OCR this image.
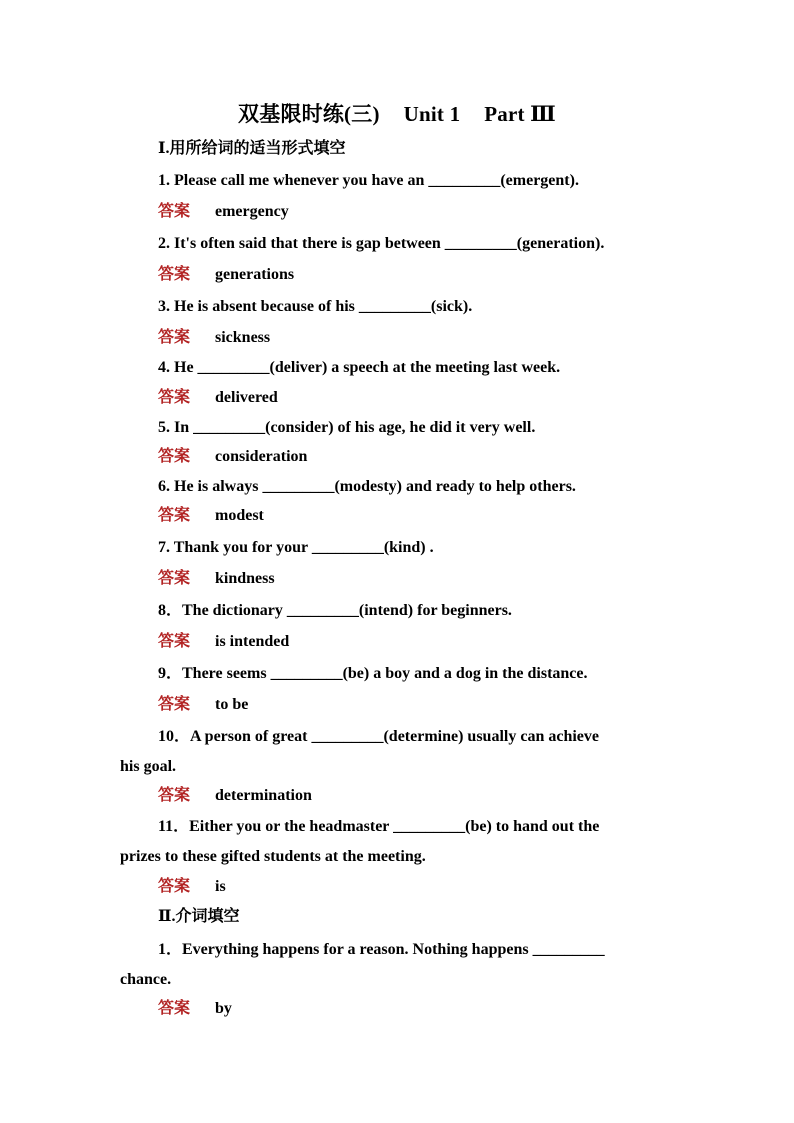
双基限时练(三) Unit 1 Part Ⅲ
Ⅰ.用所给词的适当形式填空
1. Please call me whenever you have an _________(emergent).
答案 emergency
2. It's often said that there is gap between _________(generation).
答案 generations
3. He is absent because of his _________(sick).
答案 sickness
4. He _________(deliver) a speech at the meeting last week.
答案 delivered
5. In _________(consider) of his age, he did it very well.
答案 consideration
6. He is always _________(modesty) and ready to help others.
答案 modest
7. Thank you for your _________(kind) .
答案 kindness
8．The dictionary _________(intend) for beginners.
答案 is intended
9．There seems _________(be) a boy and a dog in the distance.
答案 to be
10．A person of great _________(determine) usually can achieve
his goal.
答案 determination
11．Either you or the headmaster _________(be) to hand out the
prizes to these gifted students at the meeting.
答案 is
Ⅱ.介词填空
1．Everything happens for a reason. Nothing happens _________
chance.
答案 by
